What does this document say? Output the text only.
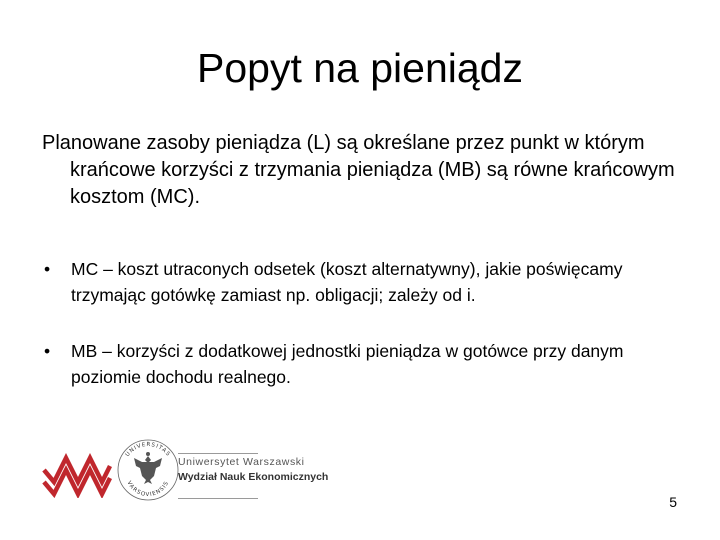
Popyt na pieniądz
Planowane zasoby pieniądza (L) są określane przez punkt w którym krańcowe korzyści z trzymania pieniądza (MB) są równe krańcowym kosztom (MC).
•	MC – koszt utraconych odsetek (koszt alternatywny), jakie poświęcamy trzymając gotówkę zamiast np. obligacji; zależy od i.
•	MB – korzyści z dodatkowej jednostki pieniądza w gotówce przy danym poziomie dochodu realnego.
UNIVERSITAS
VARSOVIENSIS
Uniwersytet Warszawski
Wydział Nauk Ekonomicznych
5
